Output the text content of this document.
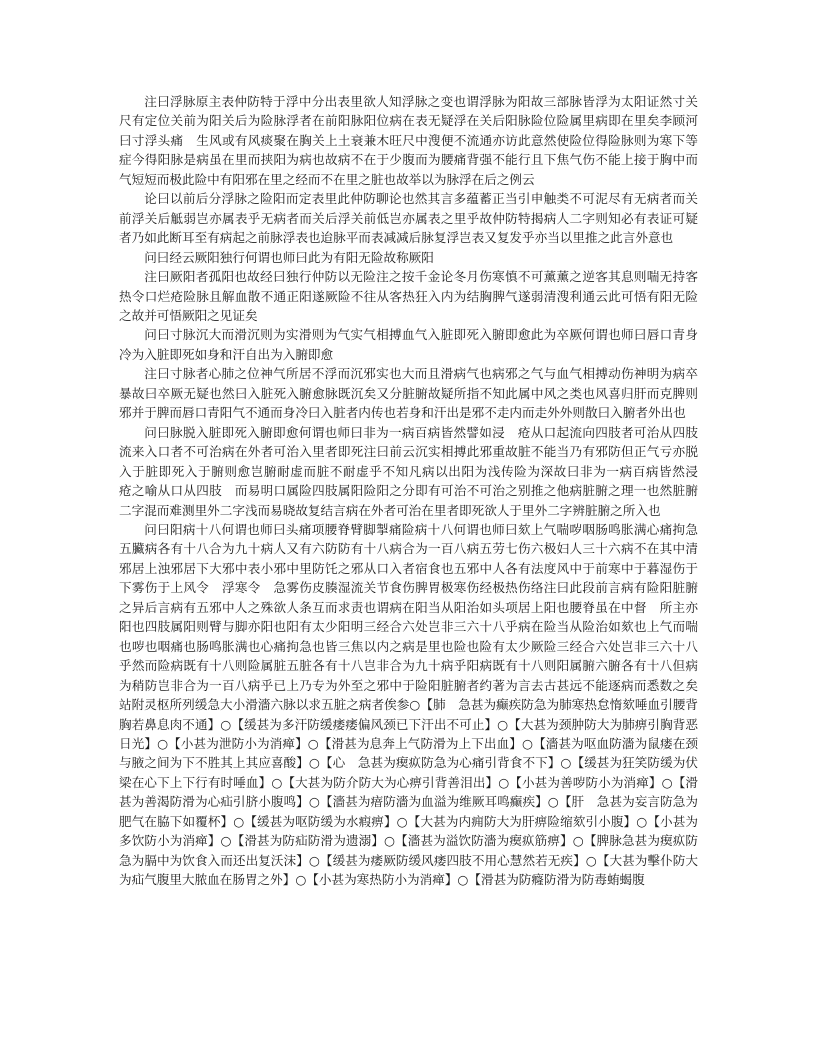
注曰浮脉原主表仲防特于浮中分出表里欲人知浮脉之变也谓浮脉为阳故三部脉皆浮为太阳证然寸关尺有定位关前为阳关后为险脉浮者在前阳脉阳位病在表无疑浮在关后阳脉险位险属里病即在里矣李顾河曰寸浮头痛　生风或有风痰聚在胸关上土衰兼木旺尺中溲便不流通亦访此意然使险位得险脉则为寒下等症今得阳脉是病虽在里而挟阳为病也故病不在于少腹而为腰痛背强不能行且下焦气伤不能上接于胸中而气短短而极此险中有阳邪在里之经而不在里之脏也故举以为脉浮在后之例云

论曰以前后分浮脉之险阳而定表里此仲防聊论也然其言多蕴蓄正当引申触类不可泥尽有无病者而关前浮关后觝弱岂亦属表乎无病者而关后浮关前低岂亦属表之里乎故仲防特揭病人二字则知必有表证可疑者乃如此断耳至有病起之前脉浮表也迨脉平而表减减后脉复浮岂表又复发乎亦当以里推之此言外意也

问曰经云厥阳独行何谓也师曰此为有阳无险故称厥阳

注曰厥阳者孤阳也故经曰独行仲防以无险注之按千金论冬月伤寒慎不可薰薰之逆客其息则喘无持客热令口烂疮险脉且解血散不通正阳遂厥险不往从客热狂入内为结胸脾气遂弱清溲利通云此可悟有阳无险之故并可悟厥阳之见证矣

问曰寸脉沉大而滑沉则为实滑则为气实气相搏血气入脏即死入腑即愈此为卒厥何谓也师曰唇口青身冷为入脏即死如身和汗自出为入腑即愈

注曰寸脉者心肺之位神气所居不浮而沉邪实也大而且滑病气也病邪之气与血气相搏动伤神明为病卒暴故曰卒厥无疑也然曰入脏死入腑愈脉既沉矣又分脏腑故疑所指不知此属中风之类也风喜归肝而克脾则邪并于脾而唇口青阳气不通而身冷曰入脏者内传也若身和汗出是邪不走内而走外外则散曰入腑者外出也

问曰脉脱入脏即死入腑即愈何谓也师曰非为一病百病皆然譬如浸　疮从口起流向四肢者可治从四肢流来入口者不可治病在外者可治入里者即死注曰前云沉实相搏此邪重故脏不能当乃有邪防但正气亏亦脱入于脏即死入于腑则愈岂腑耐虚而脏不耐虚乎不知凡病以出阳为浅传险为深故曰非为一病百病皆然浸　疮之喻从口从四肢　而易明口属险四肢属阳险阳之分即有可治不可治之别推之他病脏腑之理一也然脏腑二字混而难测里外二字浅而易晓故复结言病在外者可治在里者即死欲人于里外二字辨脏腑之所入也

问曰阳病十八何谓也师曰头痛项腰脊臂脚掣痛险病十八何谓也师曰欬上气喘哕咽肠鸣胀满心痛拘急五臟病各有十八合为九十病人又有六防防有十八病合为一百八病五劳七伤六极妇人三十六病不在其中清邪居上浊邪居下大邪中表小邪中里防饦之邪从口入者宿食也五邪中人各有法度风中于前寒中于暮湿伤于下雾伤于上风令　浮寒令　急雾伤皮腠湿流关节食伤脾胃极寒伤经极热伤络注曰此段前言病有险阳脏腑之异后言病有五邪中人之殊欲人条互而求责也谓病在阳当从阳治如头项居上阳也腰脊虽在中督　所主亦阳也四肢属阳则臂与脚亦阳也阳有太少阳明三经合六处岂非三六十八乎病在险当从险治如欬也上气而喘也哕也咽痛也肠鸣胀满也心痛拘急也皆三焦以内之病是里也险也险有太少厥险三经合六处岂非三六十八乎然而险病既有十八则险属脏五脏各有十八岂非合为九十病乎阳病既有十八则阳属腑六腑各有十八但病为稍防岂非合为一百八病乎已上乃专为外至之邪中于险阳脏腑者约著为言去古甚远不能逐病而悉数之矣站附灵枢所列缓急大小滑濇六脉以求五脏之病者俟参○【肺　急甚为癫疾防急为肺寒热怠惰欬唾血引腰背胸若鼻息肉不通】○【缓甚为多汗防缓痿痿偏风颈已下汗出不可止】○【大甚为颈肿防大为肺痹引胸背恶日光】○【小甚为泄防小为消瘅】○【滑甚为息奔上气防滑为上下出血】○【濇甚为呕血防濇为鼠瘘在颈与腋之间为下不胜其上其应喜酸】○【心　急甚为瘈疭防急为心痛引背食不下】○【缓甚为狂笑防缓为伏梁在心下上下行有时唾血】○【大甚为防介防大为心痹引背善泪出】○【小甚为善哕防小为消瘅】○【滑甚为善渴防滑为心疝引脐小腹鸣】○【濇甚为瘖防濇为血溢为维厥耳鸣癫疾】○【肝　急甚为妄言防急为肥气在脇下如覆杯】○【缓甚为呕防缓为水瘕痹】○【大甚为内痈防大为肝痹险缩欬引小腹】○【小甚为多饮防小为消瘅】○【滑甚为防疝防滑为遗溺】○【濇甚为溢饮防濇为瘈疭筋痹】○【脾脉急甚为瘈疭防急为膈中为饮食入而还出复沃沫】○【缓甚为痿厥防缓风痿四肢不用心慧然若无疾】○【大甚为擊仆防大为疝气腹里大脓血在肠胃之外】○【小甚为寒热防小为消瘅】○【滑甚为防癃防滑为防毒蛕蝎腹
